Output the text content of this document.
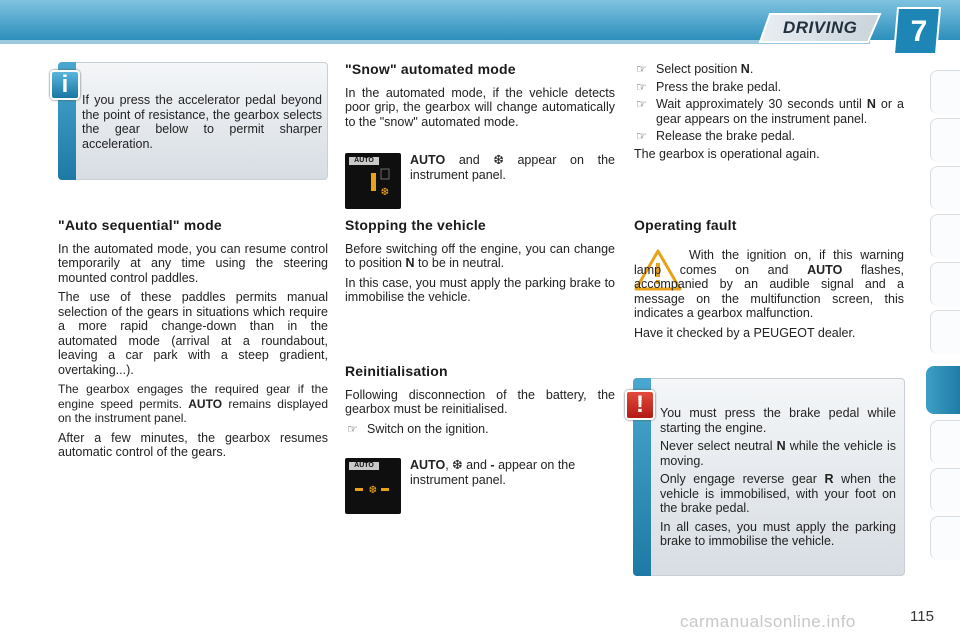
DRIVING 7
i
If you press the accelerator pedal beyond the point of resistance, the gearbox selects the gear below to permit sharper acceleration.
"Auto sequential" mode

In the automated mode, you can resume control temporarily at any time using the steering mounted control paddles.

The use of these paddles permits manual selection of the gears in situations which require a more rapid change-down than in the automated mode (arrival at a roundabout, leaving a car park with a steep gradient, overtaking...).

The gearbox engages the required gear if the engine speed permits. AUTO remains displayed on the instrument panel.

After a few minutes, the gearbox resumes automatic control of the gears.

"Snow" automated mode

In the automated mode, if the vehicle detects poor grip, the gearbox will change automatically to the "snow" automated mode.

AUTO
❆

AUTO and ❆ appear on the instrument panel.

Stopping the vehicle

Before switching off the engine, you can change to position N to be in neutral.

In this case, you must apply the parking brake to immobilise the vehicle.

Reinitialisation

Following disconnection of the battery, the gearbox must be reinitialised.

☞ Switch on the ignition.
AUTO
❆

AUTO, ❆ and - appear on the instrument panel.

☞ Select position N.
☞ Press the brake pedal.
☞ Wait approximately 30 seconds until N or a gear appears on the instrument panel.
☞ Release the brake pedal.

The gearbox is operational again.

Operating fault

With the ignition on, if this warning lamp comes on and AUTO flashes, accompanied by an audible signal and a message on the multifunction screen, this indicates a gearbox malfunction.

Have it checked by a PEUGEOT dealer.

!	You must press the brake pedal while starting the engine.

Never select neutral N while the vehicle is moving.

Only engage reverse gear R when the vehicle is immobilised, with your foot on the brake pedal.

In all cases, you must apply the parking brake to immobilise the vehicle.

carmanualsonline.info	115
